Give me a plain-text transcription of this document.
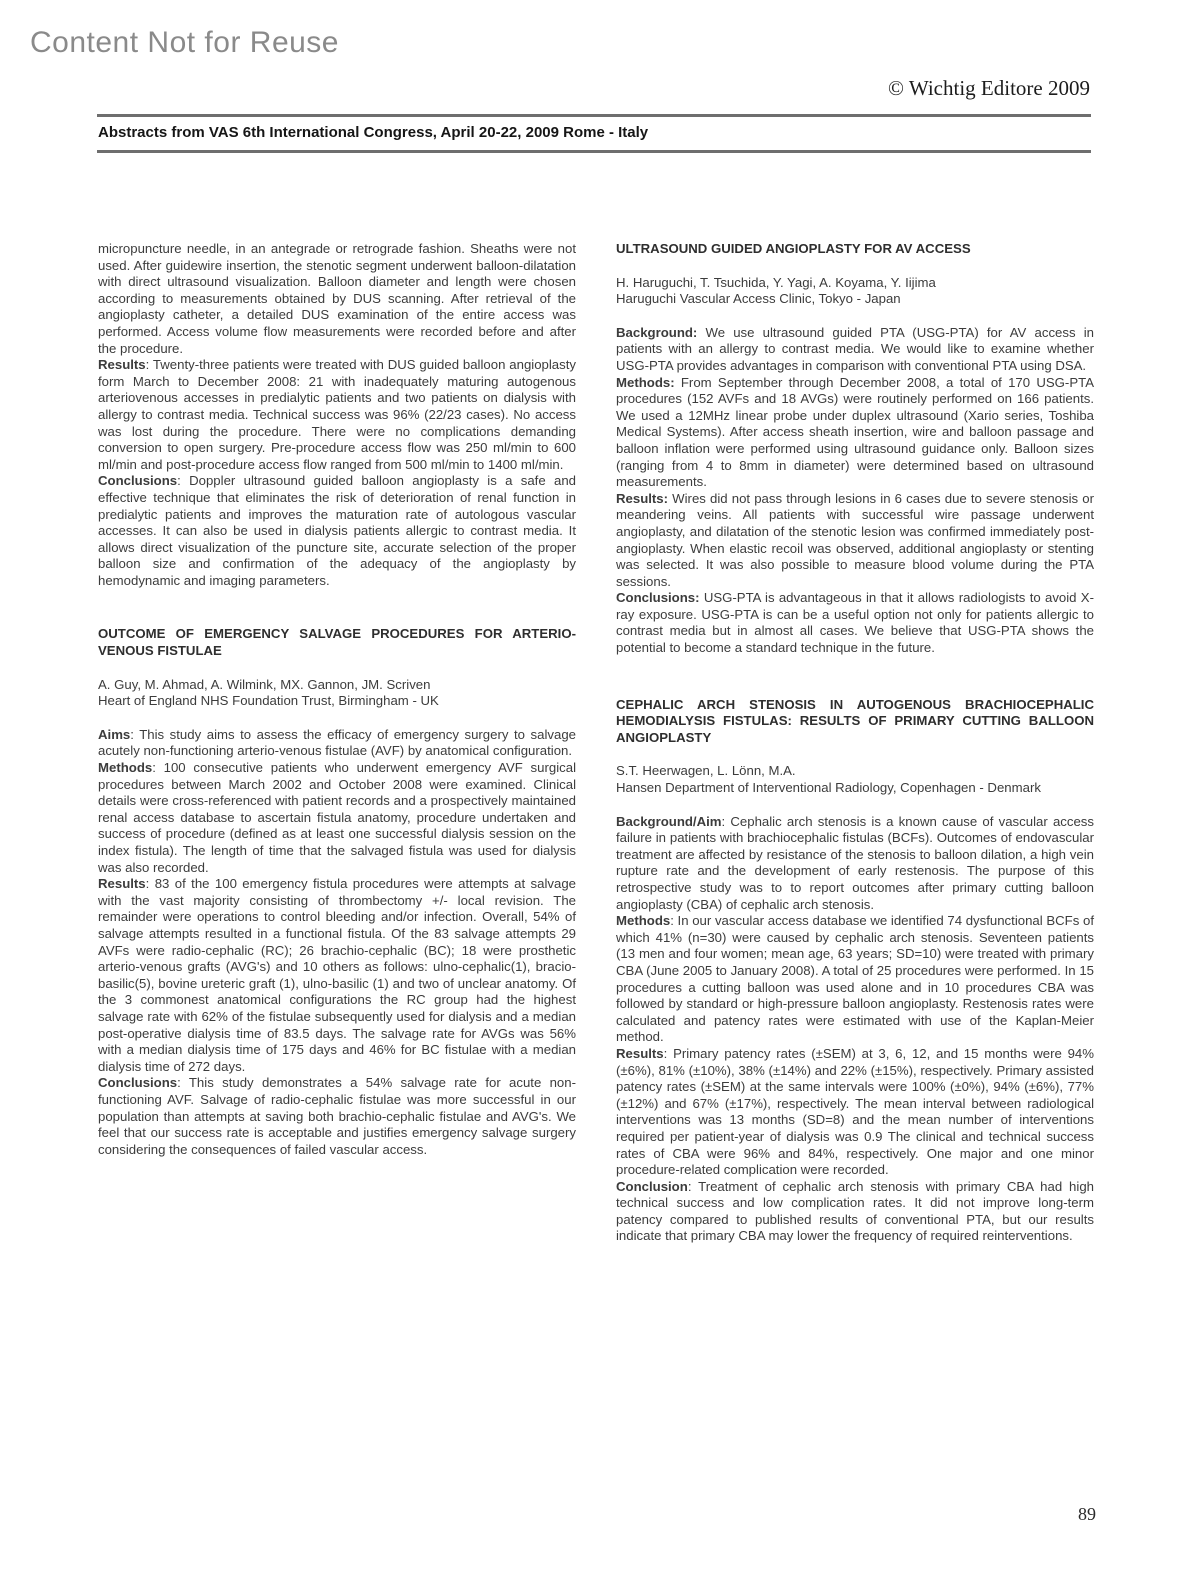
Content Not for Reuse
© Wichtig Editore 2009
Abstracts from VAS 6th International Congress, April 20-22, 2009 Rome - Italy

micropuncture needle, in an antegrade or retrograde fashion. Sheaths were not used. After guidewire insertion, the stenotic segment underwent balloon-dilatation with direct ultrasound visualization. Balloon diameter and length were chosen according to measurements obtained by DUS scanning. After retrieval of the angioplasty catheter, a detailed DUS examination of the entire access was performed. Access volume flow measurements were recorded before and after the procedure.

Results: Twenty-three patients were treated with DUS guided balloon angioplasty form March to December 2008: 21 with inadequately maturing autogenous arteriovenous accesses in predialytic patients and two patients on dialysis with allergy to contrast media. Technical success was 96% (22/23 cases). No access was lost during the procedure. There were no complications demanding conversion to open surgery. Pre-procedure access flow was 250 ml/min to 600 ml/min and post-procedure access flow ranged from 500 ml/min to 1400 ml/min.

Conclusions: Doppler ultrasound guided balloon angioplasty is a safe and effective technique that eliminates the risk of deterioration of renal function in predialytic patients and improves the maturation rate of autologous vascular accesses. It can also be used in dialysis patients allergic to contrast media. It allows direct visualization of the puncture site, accurate selection of the proper balloon size and confirmation of the adequacy of the angioplasty by hemodynamic and imaging parameters.

OUTCOME OF EMERGENCY SALVAGE PROCEDURES FOR ARTERIO-VENOUS FISTULAE

A. Guy, M. Ahmad, A. Wilmink, MX. Gannon, JM. Scriven

Heart of England NHS Foundation Trust, Birmingham - UK

Aims: This study aims to assess the efficacy of emergency surgery to salvage acutely non-functioning arterio-venous fistulae (AVF) by anatomical configuration.

Methods: 100 consecutive patients who underwent emergency AVF surgical procedures between March 2002 and October 2008 were examined. Clinical details were cross-referenced with patient records and a prospectively maintained renal access database to ascertain fistula anatomy, procedure undertaken and success of procedure (defined as at least one successful dialysis session on the index fistula). The length of time that the salvaged fistula was used for dialysis was also recorded.

Results: 83 of the 100 emergency fistula procedures were attempts at salvage with the vast majority consisting of thrombectomy +/- local revision. The remainder were operations to control bleeding and/or infection. Overall, 54% of salvage attempts resulted in a functional fistula. Of the 83 salvage attempts 29 AVFs were radio-cephalic (RC); 26 brachio-cephalic (BC); 18 were prosthetic arterio-venous grafts (AVG's) and 10 others as follows: ulno-cephalic(1), bracio-basilic(5), bovine ureteric graft (1), ulno-basilic (1) and two of unclear anatomy. Of the 3 commonest anatomical configurations the RC group had the highest salvage rate with 62% of the fistulae subsequently used for dialysis and a median post-operative dialysis time of 83.5 days. The salvage rate for AVGs was 56% with a median dialysis time of 175 days and 46% for BC fistulae with a median dialysis time of 272 days.

Conclusions: This study demonstrates a 54% salvage rate for acute non-functioning AVF. Salvage of radio-cephalic fistulae was more successful in our population than attempts at saving both brachio-cephalic fistulae and AVG's. We feel that our success rate is acceptable and justifies emergency salvage surgery considering the consequences of failed vascular access.

ULTRASOUND GUIDED ANGIOPLASTY FOR AV ACCESS

H. Haruguchi, T. Tsuchida, Y. Yagi, A. Koyama, Y. Iijima

Haruguchi Vascular Access Clinic, Tokyo - Japan

Background: We use ultrasound guided PTA (USG-PTA) for AV access in patients with an allergy to contrast media. We would like to examine whether USG-PTA provides advantages in comparison with conventional PTA using DSA.

Methods: From September through December 2008, a total of 170 USG-PTA procedures (152 AVFs and 18 AVGs) were routinely performed on 166 patients. We used a 12MHz linear probe under duplex ultrasound (Xario series, Toshiba Medical Systems). After access sheath insertion, wire and balloon passage and balloon inflation were performed using ultrasound guidance only. Balloon sizes (ranging from 4 to 8mm in diameter) were determined based on ultrasound measurements.

Results: Wires did not pass through lesions in 6 cases due to severe stenosis or meandering veins. All patients with successful wire passage underwent angioplasty, and dilatation of the stenotic lesion was confirmed immediately post-angioplasty. When elastic recoil was observed, additional angioplasty or stenting was selected. It was also possible to measure blood volume during the PTA sessions.

Conclusions: USG-PTA is advantageous in that it allows radiologists to avoid X-ray exposure. USG-PTA is can be a useful option not only for patients allergic to contrast media but in almost all cases. We believe that USG-PTA shows the potential to become a standard technique in the future.

CEPHALIC ARCH STENOSIS IN AUTOGENOUS BRACHIOCEPHALIC HEMODIALYSIS FISTULAS: RESULTS OF PRIMARY CUTTING BALLOON ANGIOPLASTY

S.T. Heerwagen, L. Lönn, M.A.

Hansen Department of Interventional Radiology, Copenhagen - Denmark

Background/Aim: Cephalic arch stenosis is a known cause of vascular access failure in patients with brachiocephalic fistulas (BCFs). Outcomes of endovascular treatment are affected by resistance of the stenosis to balloon dilation, a high vein rupture rate and the development of early restenosis. The purpose of this retrospective study was to to report outcomes after primary cutting balloon angioplasty (CBA) of cephalic arch stenosis.

Methods: In our vascular access database we identified 74 dysfunctional BCFs of which 41% (n=30) were caused by cephalic arch stenosis. Seventeen patients (13 men and four women; mean age, 63 years; SD=10) were treated with primary CBA (June 2005 to January 2008). A total of 25 procedures were performed. In 15 procedures a cutting balloon was used alone and in 10 procedures CBA was followed by standard or high-pressure balloon angioplasty. Restenosis rates were calculated and patency rates were estimated with use of the Kaplan-Meier method.

Results: Primary patency rates (±SEM) at 3, 6, 12, and 15 months were 94% (±6%), 81% (±10%), 38% (±14%) and 22% (±15%), respectively. Primary assisted patency rates (±SEM) at the same intervals were 100% (±0%), 94% (±6%), 77% (±12%) and 67% (±17%), respectively. The mean interval between radiological interventions was 13 months (SD=8) and the mean number of interventions required per patient-year of dialysis was 0.9 The clinical and technical success rates of CBA were 96% and 84%, respectively. One major and one minor procedure-related complication were recorded.

Conclusion: Treatment of cephalic arch stenosis with primary CBA had high technical success and low complication rates. It did not improve long-term patency compared to published results of conventional PTA, but our results indicate that primary CBA may lower the frequency of required reinterventions.

89
